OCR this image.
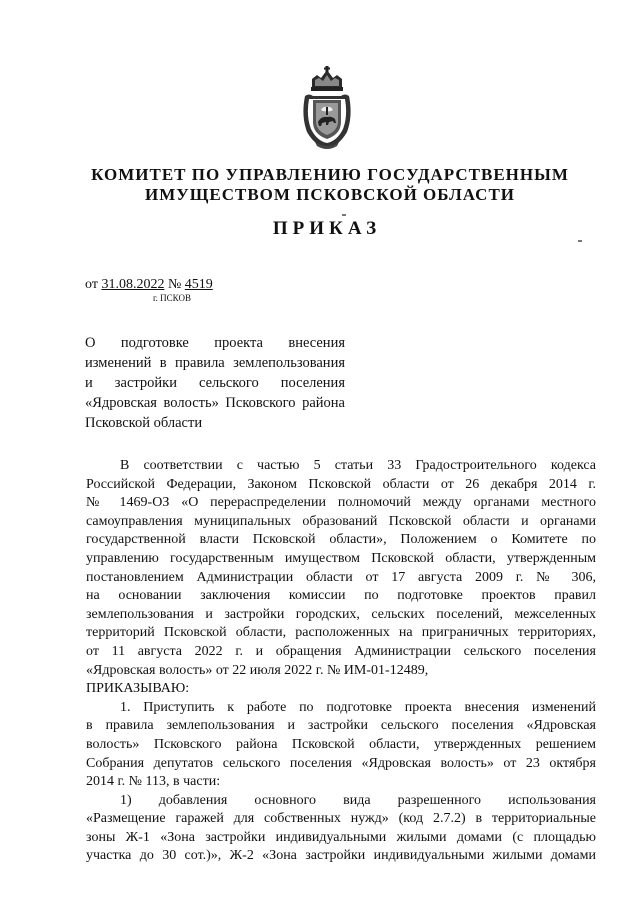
КОМИТЕТ ПО УПРАВЛЕНИЮ ГОСУДАРСТВЕННЫМ
ИМУЩЕСТВОМ ПСКОВСКОЙ ОБЛАСТИ
ПРИКАЗ
от 31.08.2022 № 4519
г. ПСКОВ
О подготовке проекта внесения
изменений в правила землепользования
и застройки сельского поселения
«Ядровская волость» Псковского района
Псковской области
В соответствии с частью 5 статьи 33 Градостроительного кодекса
Российской Федерации, Законом Псковской области от 26 декабря 2014 г.
№ 1469-ОЗ «О перераспределении полномочий между органами местного
самоуправления муниципальных образований Псковской области и органами
государственной власти Псковской области», Положением о Комитете по
управлению государственным имуществом Псковской области, утвержденным
постановлением Администрации области от 17 августа 2009 г. № 306,
на основании заключения комиссии по подготовке проектов правил
землепользования и застройки городских, сельских поселений, межселенных
территорий Псковской области, расположенных на приграничных территориях,
от 11 августа 2022 г. и обращения Администрации сельского поселения
«Ядровская волость» от 22 июля 2022 г. № ИМ-01-12489,
ПРИКАЗЫВАЮ:
1. Приступить к работе по подготовке проекта внесения изменений
в правила землепользования и застройки сельского поселения «Ядровская
волость» Псковского района Псковской области, утвержденных решением
Собрания депутатов сельского поселения «Ядровская волость» от 23 октября
2014 г. № 113, в части:
1) добавления основного вида разрешенного использования
«Размещение гаражей для собственных нужд» (код 2.7.2) в территориальные
зоны Ж-1 «Зона застройки индивидуальными жилыми домами (с площадью
участка до 30 сот.)», Ж-2 «Зона застройки индивидуальными жилыми домами
